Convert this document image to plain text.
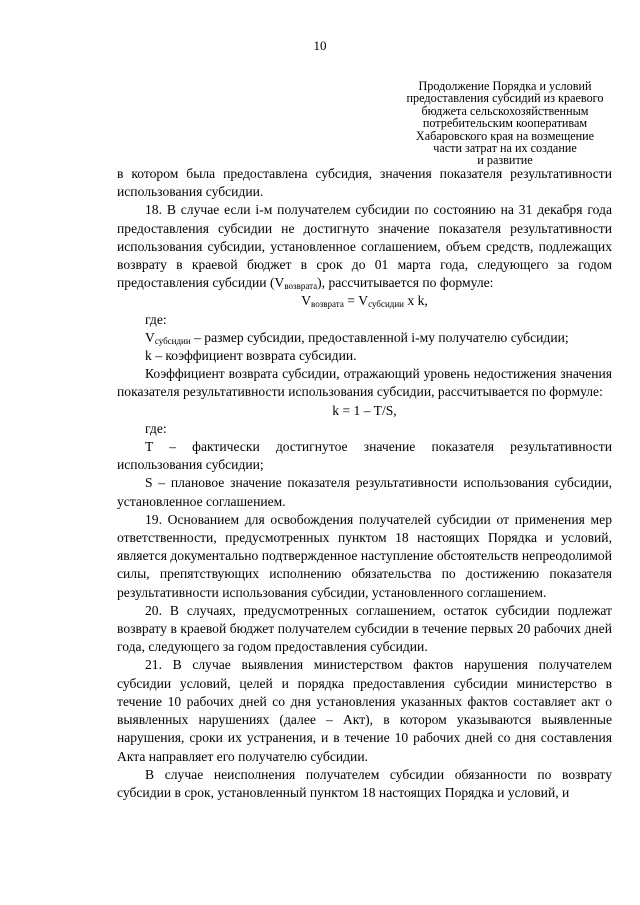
10
Продолжение Порядка и условий
предоставления субсидий из краевого
бюджета сельскохозяйственным
потребительским кооперативам
Хабаровского края на возмещение
части затрат на их создание
и развитие

в котором была предоставлена субсидия, значения показателя результативности использования субсидии.

18. В случае если i-м получателем субсидии по состоянию на 31 декабря года предоставления субсидии не достигнуто значение показателя результативности использования субсидии, установленное соглашением, объем средств, подлежащих возврату в краевой бюджет в срок до 01 марта года, следующего за годом предоставления субсидии $(V_{возврата})$, рассчитывается по формуле:

$V_{возврата} = V_{субсидии}$ x k,

где:

$V_{субсидии}$ – размер субсидии, предоставленной i-му получателю субсидии;

k – коэффициент возврата субсидии.

Коэффициент возврата субсидии, отражающий уровень недостижения значения показателя результативности использования субсидии, рассчитывается по формуле:

k = 1 – T/S,

где:

T – фактически достигнутое значение показателя результативности использования субсидии;

S – плановое значение показателя результативности использования субсидии, установленное соглашением.

19. Основанием для освобождения получателей субсидии от применения мер ответственности, предусмотренных пунктом 18 настоящих Порядка и условий, является документально подтвержденное наступление обстоятельств непреодолимой силы, препятствующих исполнению обязательства по достижению показателя результативности использования субсидии, установленного соглашением.

20. В случаях, предусмотренных соглашением, остаток субсидии подлежат возврату в краевой бюджет получателем субсидии в течение первых 20 рабочих дней года, следующего за годом предоставления субсидии.

21. В случае выявления министерством фактов нарушения получателем субсидии условий, целей и порядка предоставления субсидии министерство в течение 10 рабочих дней со дня установления указанных фактов составляет акт о выявленных нарушениях (далее – Акт), в котором указываются выявленные нарушения, сроки их устранения, и в течение 10 рабочих дней со дня составления Акта направляет его получателю субсидии.

В случае неисполнения получателем субсидии обязанности по возврату субсидии в срок, установленный пунктом 18 настоящих Порядка и условий, и
